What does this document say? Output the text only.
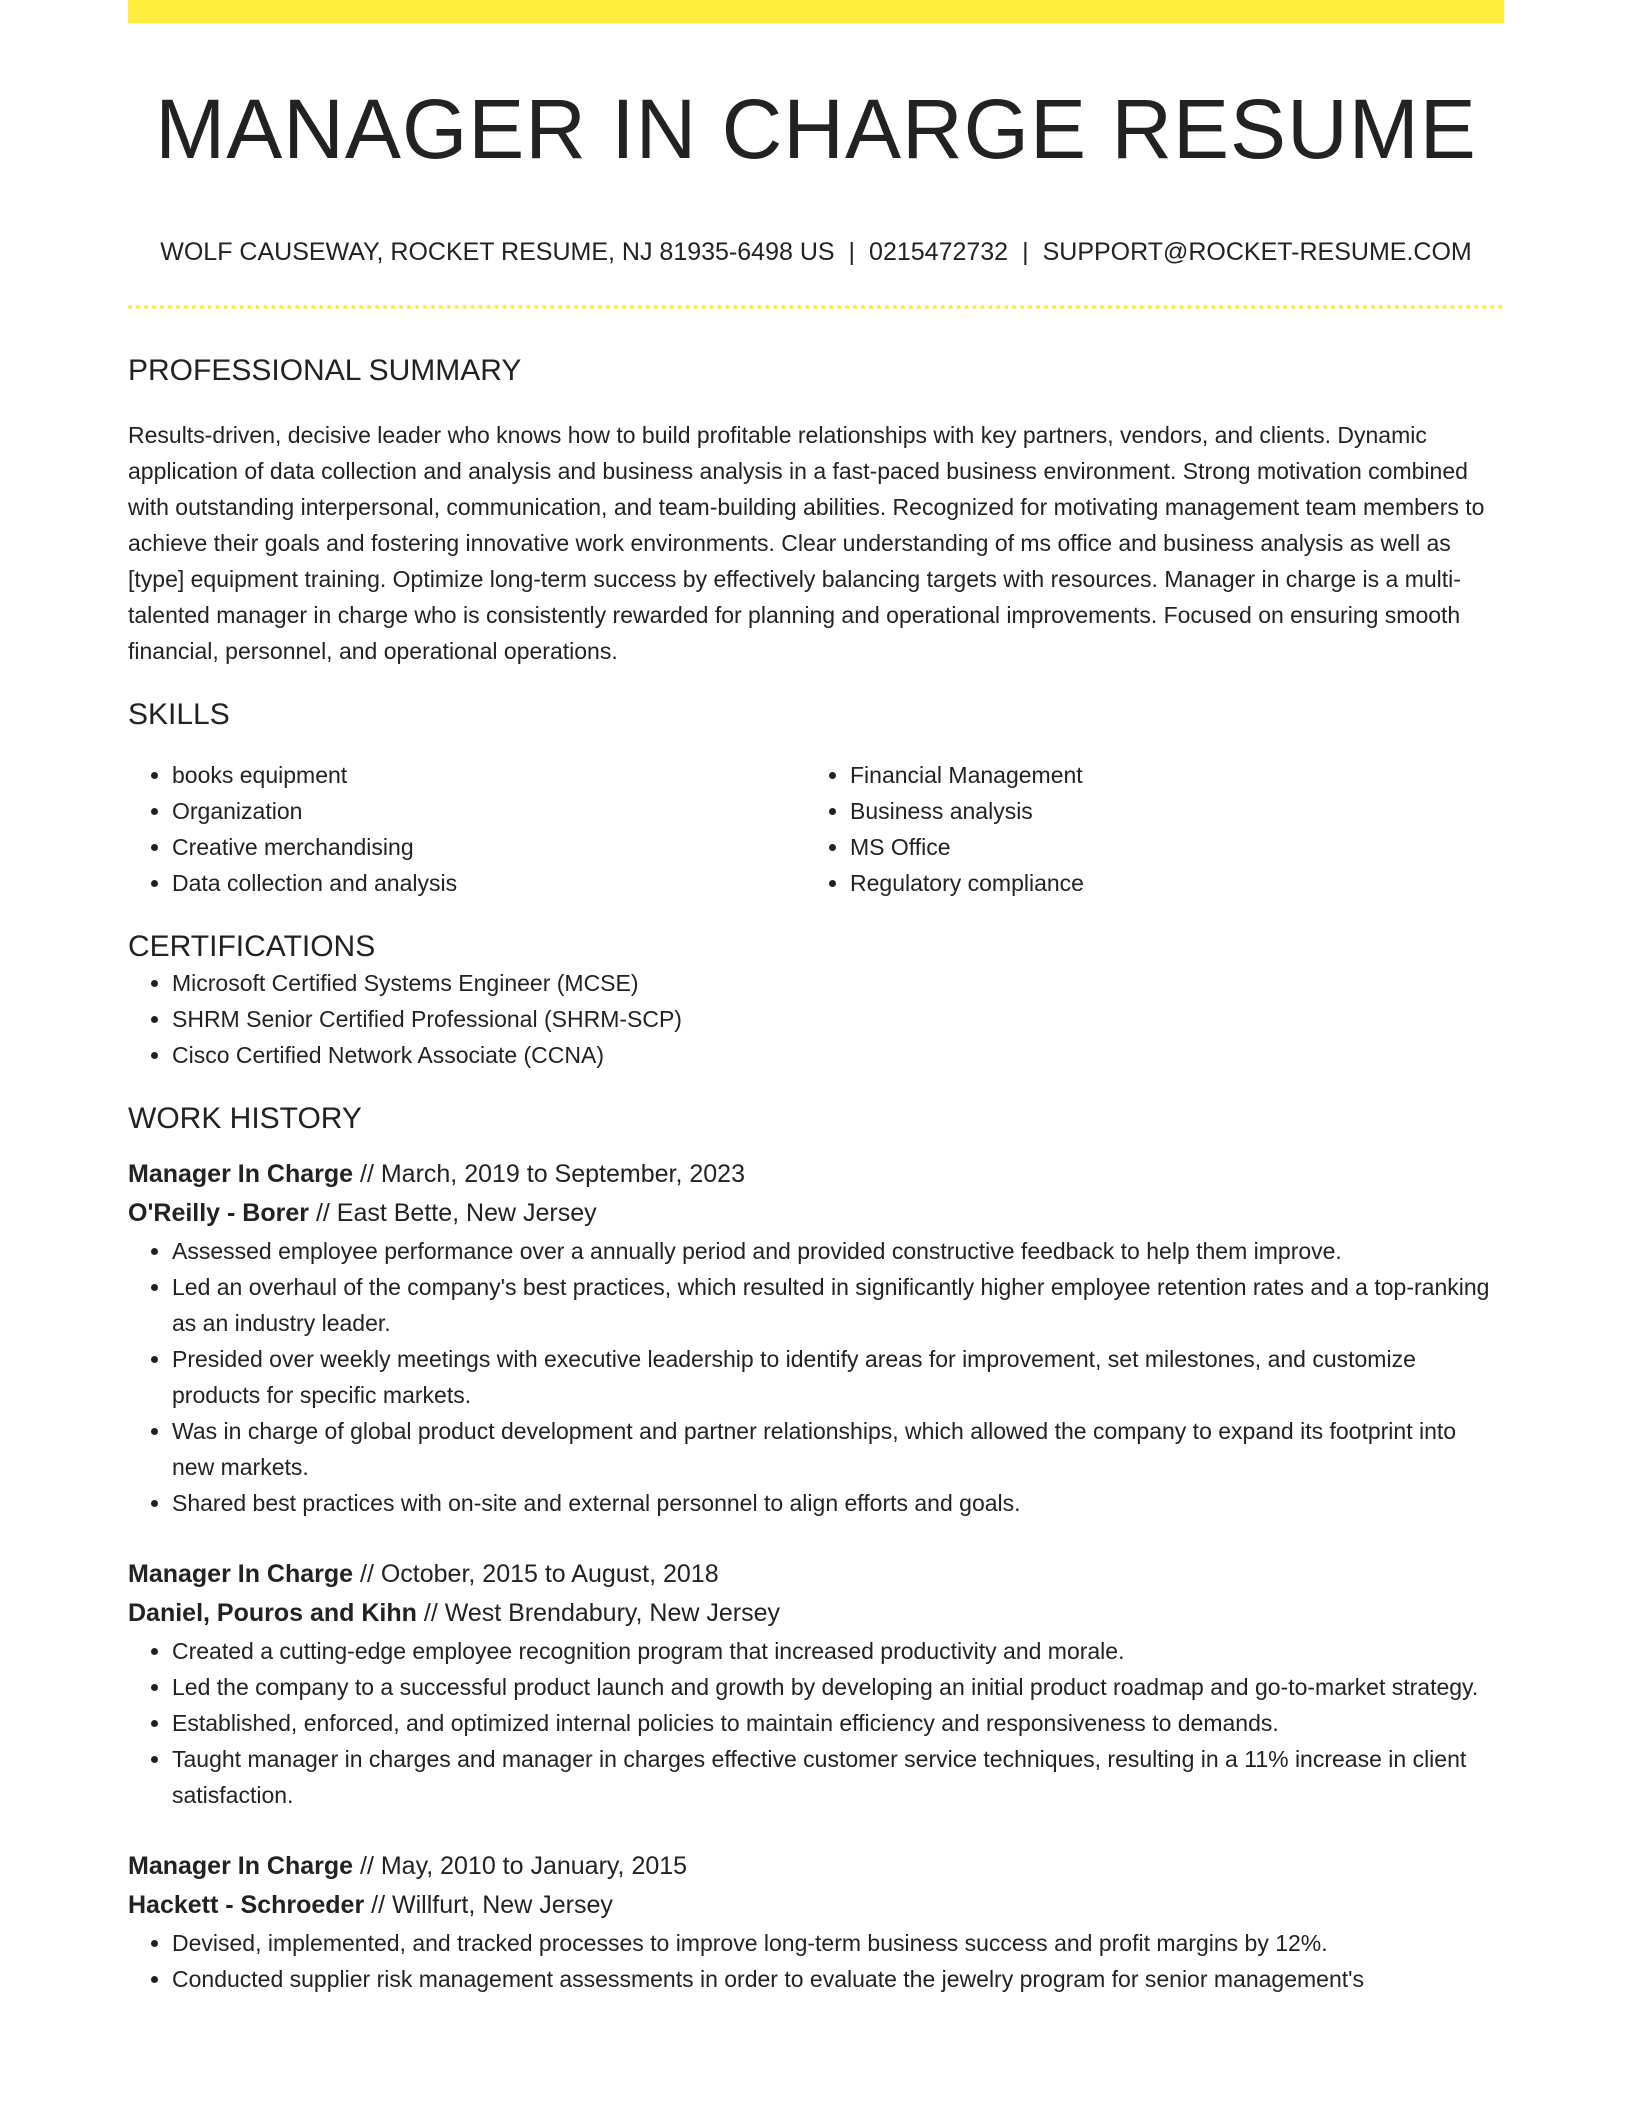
MANAGER IN CHARGE RESUME
WOLF CAUSEWAY, ROCKET RESUME, NJ 81935-6498 US | 0215472732 | SUPPORT@ROCKET-RESUME.COM
PROFESSIONAL SUMMARY
Results-driven, decisive leader who knows how to build profitable relationships with key partners, vendors, and clients. Dynamic application of data collection and analysis and business analysis in a fast-paced business environment. Strong motivation combined with outstanding interpersonal, communication, and team-building abilities. Recognized for motivating management team members to achieve their goals and fostering innovative work environments. Clear understanding of ms office and business analysis as well as [type] equipment training. Optimize long-term success by effectively balancing targets with resources. Manager in charge is a multi-talented manager in charge who is consistently rewarded for planning and operational improvements. Focused on ensuring smooth financial, personnel, and operational operations.
SKILLS
• books equipment
• Organization
• Creative merchandising
• Data collection and analysis
• Financial Management
• Business analysis
• MS Office
• Regulatory compliance
CERTIFICATIONS
• Microsoft Certified Systems Engineer (MCSE)
• SHRM Senior Certified Professional (SHRM-SCP)
• Cisco Certified Network Associate (CCNA)
WORK HISTORY
Manager In Charge // March, 2019 to September, 2023
O'Reilly - Borer // East Bette, New Jersey
• Assessed employee performance over a annually period and provided constructive feedback to help them improve.
• Led an overhaul of the company's best practices, which resulted in significantly higher employee retention rates and a top-ranking as an industry leader.
• Presided over weekly meetings with executive leadership to identify areas for improvement, set milestones, and customize products for specific markets.
• Was in charge of global product development and partner relationships, which allowed the company to expand its footprint into new markets.
• Shared best practices with on-site and external personnel to align efforts and goals.
Manager In Charge // October, 2015 to August, 2018
Daniel, Pouros and Kihn // West Brendabury, New Jersey
• Created a cutting-edge employee recognition program that increased productivity and morale.
• Led the company to a successful product launch and growth by developing an initial product roadmap and go-to-market strategy.
• Established, enforced, and optimized internal policies to maintain efficiency and responsiveness to demands.
• Taught manager in charges and manager in charges effective customer service techniques, resulting in a 11% increase in client satisfaction.
Manager In Charge // May, 2010 to January, 2015
Hackett - Schroeder // Willfurt, New Jersey
• Devised, implemented, and tracked processes to improve long-term business success and profit margins by 12%.
• Conducted supplier risk management assessments in order to evaluate the jewelry program for senior management's
